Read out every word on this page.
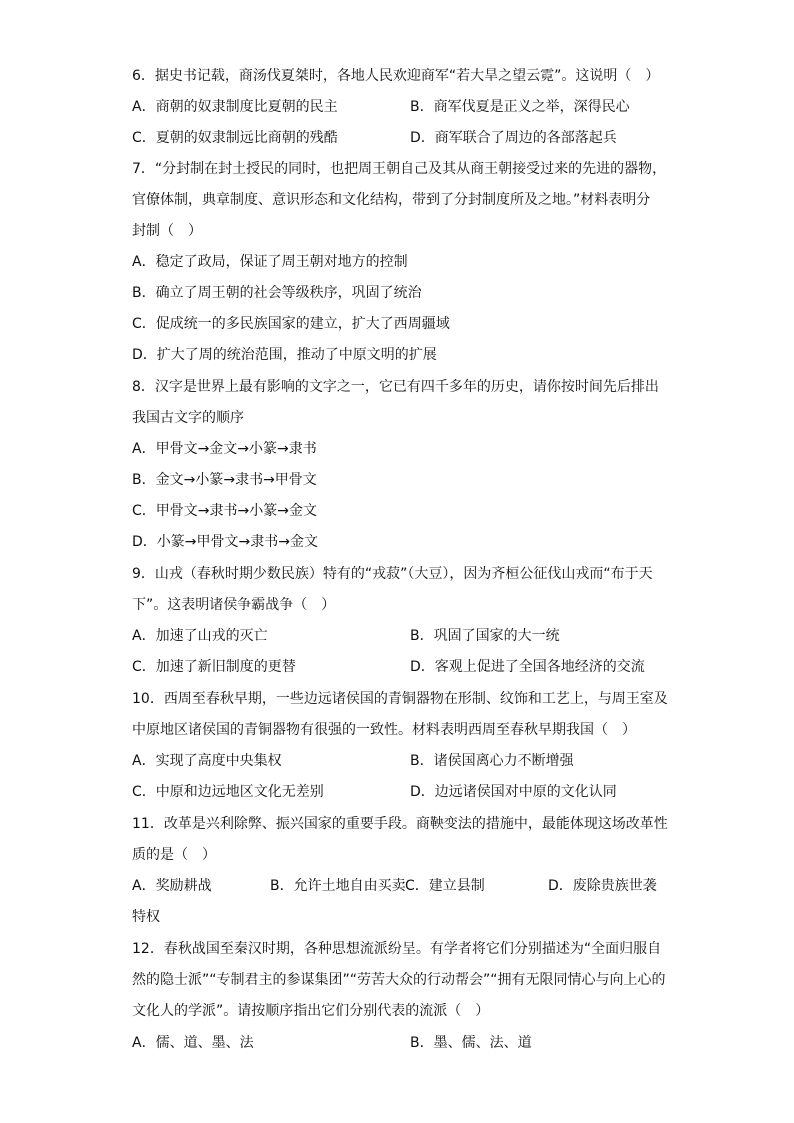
6．据史书记载，商汤伐夏桀时，各地人民欢迎商军“若大旱之望云霓”。这说明（　）
A．商朝的奴隶制度比夏朝的民主	B．商军伐夏是正义之举，深得民心
C．夏朝的奴隶制远比商朝的残酷	D．商军联合了周边的各部落起兵
7．“分封制在封土授民的同时，也把周王朝自己及其从商王朝接受过来的先进的器物，
官僚体制，典章制度、意识形态和文化结构，带到了分封制度所及之地。”材料表明分
封制（　）
A．稳定了政局，保证了周王朝对地方的控制
B．确立了周王朝的社会等级秩序，巩固了统治
C．促成统一的多民族国家的建立，扩大了西周疆域
D．扩大了周的统治范围，推动了中原文明的扩展
8．汉字是世界上最有影响的文字之一，它已有四千多年的历史，请你按时间先后排出
我国古文字的顺序
A．甲骨文→金文→小篆→隶书
B．金文→小篆→隶书→甲骨文
C．甲骨文→隶书→小篆→金文
D．小篆→甲骨文→隶书→金文
9．山戎（春秋时期少数民族）特有的“戎菽”（大豆），因为齐桓公征伐山戎而“布于天
下”。这表明诸侯争霸战争（　）
A．加速了山戎的灭亡	B．巩固了国家的大一统
C．加速了新旧制度的更替	D．客观上促进了全国各地经济的交流
10．西周至春秋早期，一些边远诸侯国的青铜器物在形制、纹饰和工艺上，与周王室及
中原地区诸侯国的青铜器物有很强的一致性。材料表明西周至春秋早期我国（　）
A．实现了高度中央集权	B．诸侯国离心力不断增强
C．中原和边远地区文化无差别	D．边远诸侯国对中原的文化认同
11．改革是兴利除弊、振兴国家的重要手段。商鞅变法的措施中，最能体现这场改革性
质的是（　）
A．奖励耕战	B．允许土地自由买卖 C．建立县制	D．废除贵族世袭
特权
12．春秋战国至秦汉时期，各种思想流派纷呈。有学者将它们分别描述为“全面归服自
然的隐士派”“专制君主的参谋集团”“劳苦大众的行动帮会”“拥有无限同情心与向上心的
文化人的学派”。请按顺序指出它们分别代表的流派（　）
A．儒、道、墨、法	B．墨、儒、法、道
